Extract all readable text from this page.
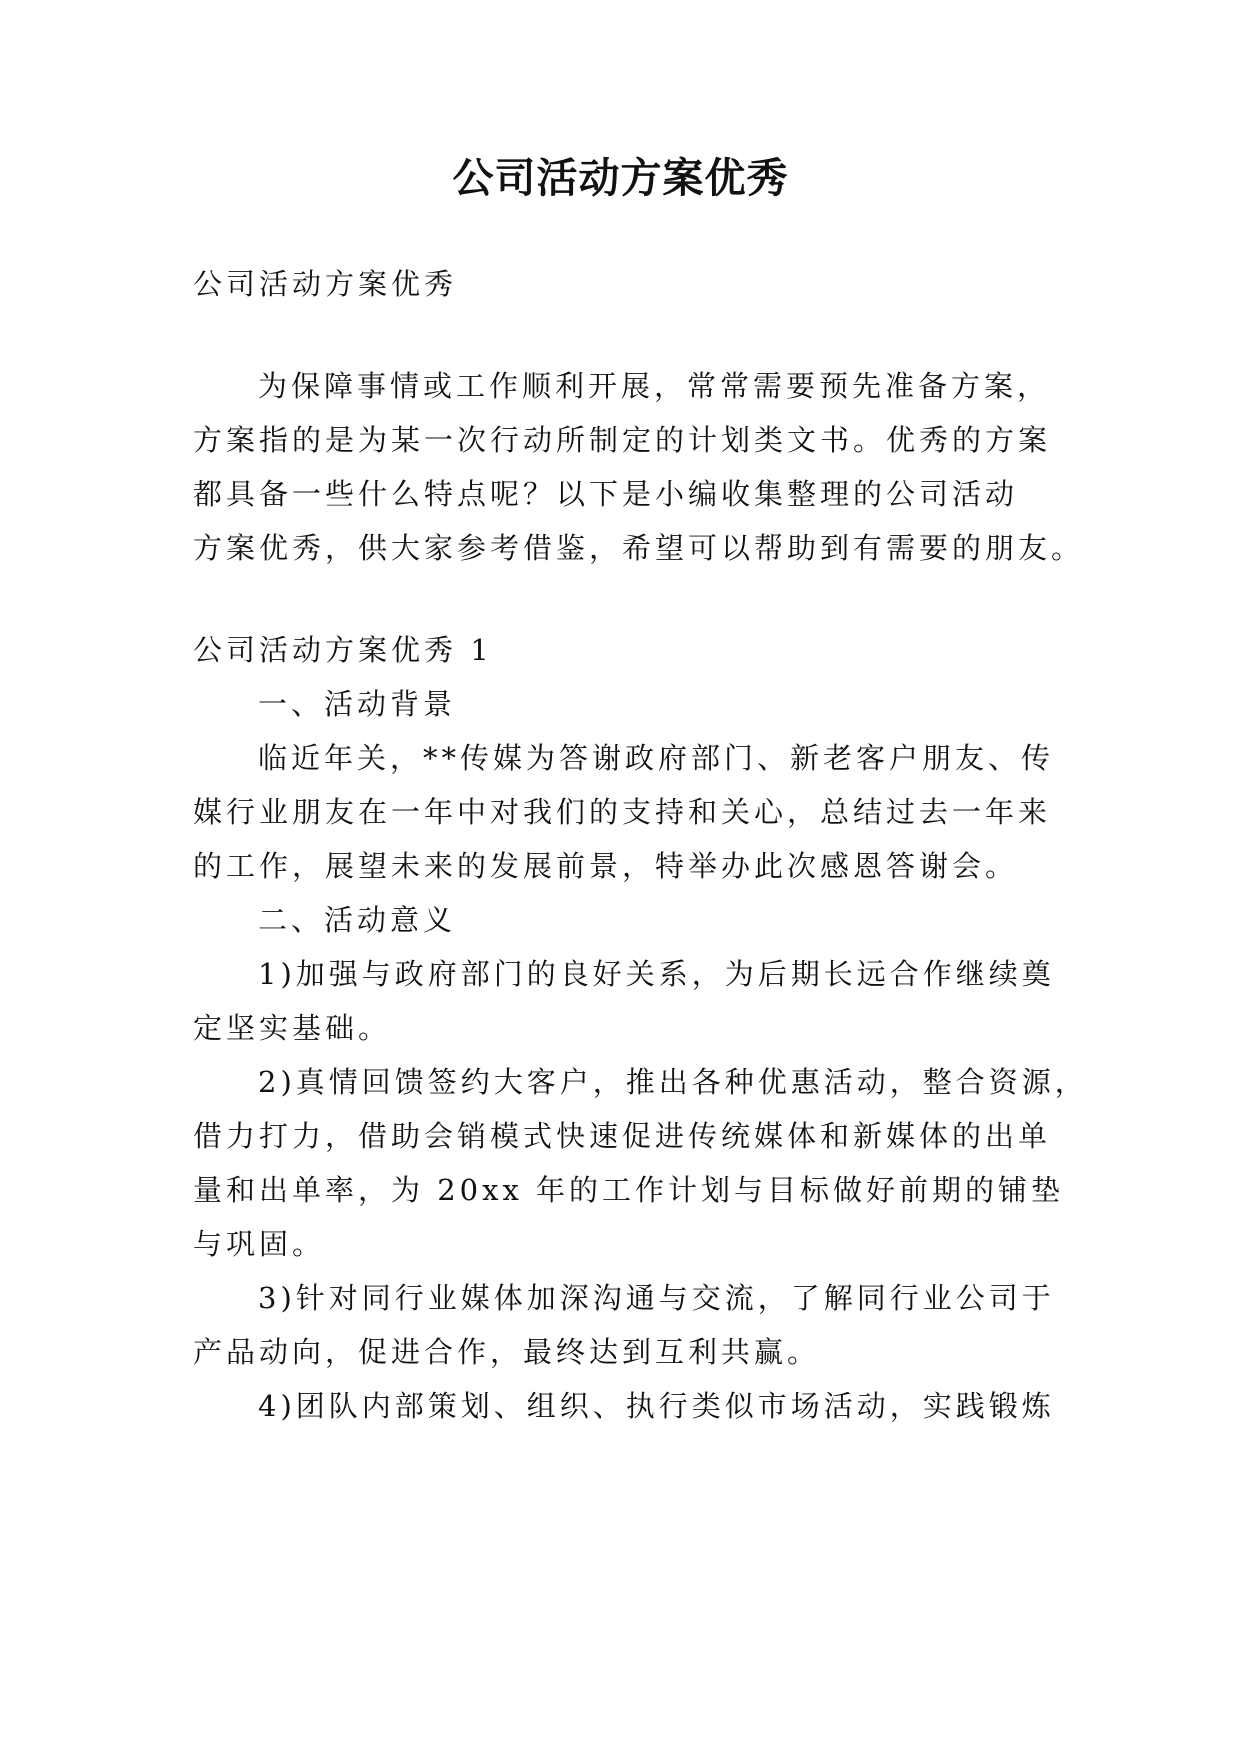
公司活动方案优秀
公司活动方案优秀
为保障事情或工作顺利开展，常常需要预先准备方案，
方案指的是为某一次行动所制定的计划类文书。优秀的方案
都具备一些什么特点呢？以下是小编收集整理的公司活动
方案优秀，供大家参考借鉴，希望可以帮助到有需要的朋友。
公司活动方案优秀 1
一、活动背景
临近年关，**传媒为答谢政府部门、新老客户朋友、传
媒行业朋友在一年中对我们的支持和关心，总结过去一年来
的工作，展望未来的发展前景，特举办此次感恩答谢会。
二、活动意义
1)加强与政府部门的良好关系，为后期长远合作继续奠
定坚实基础。
2)真情回馈签约大客户，推出各种优惠活动，整合资源，
借力打力，借助会销模式快速促进传统媒体和新媒体的出单
量和出单率，为 20xx 年的工作计划与目标做好前期的铺垫
与巩固。
3)针对同行业媒体加深沟通与交流，了解同行业公司于
产品动向，促进合作，最终达到互利共赢。
4)团队内部策划、组织、执行类似市场活动，实践锻炼
